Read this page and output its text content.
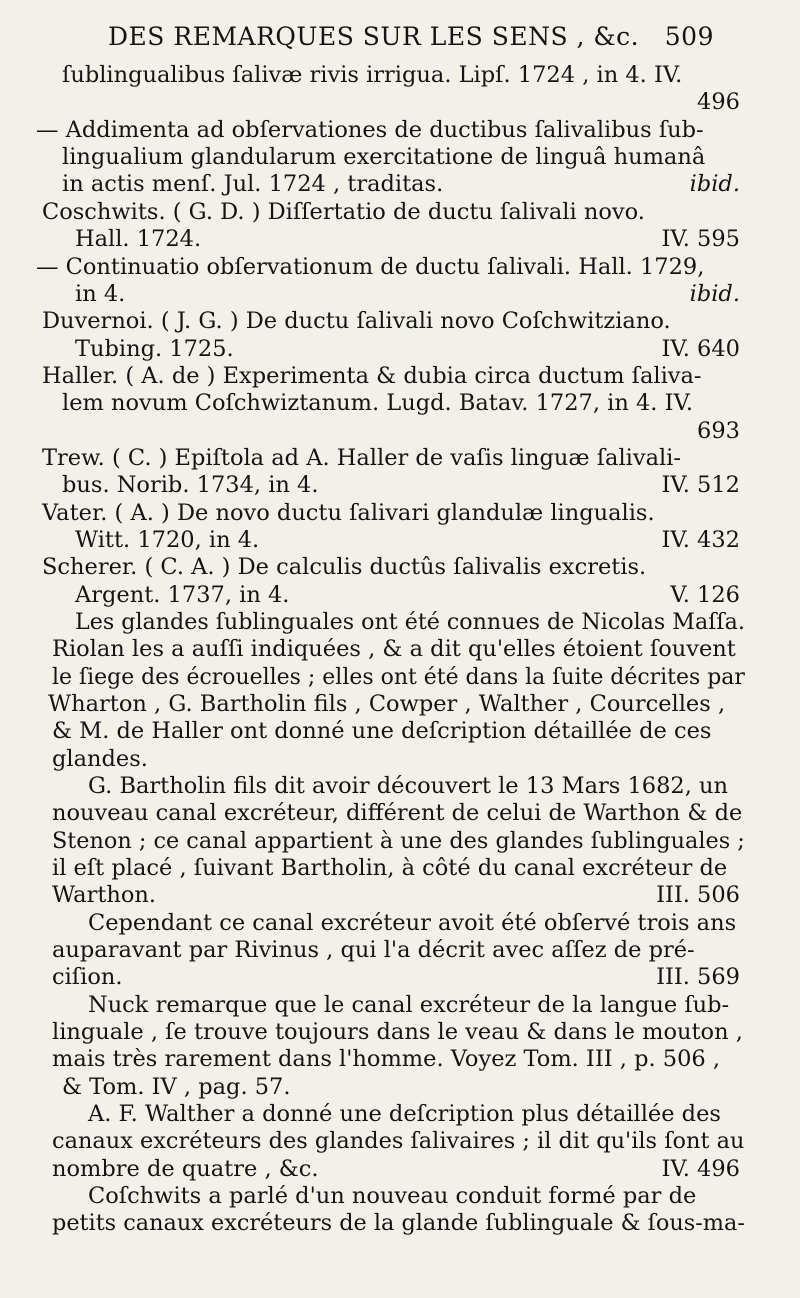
DES REMARQUES SUR LES SENS , &c. 509
ſublingualibus ſalivæ rivis irrigua. Lipſ. 1724 , in 4. IV.
496
— Addimenta ad obſervationes de ductibus ſalivalibus ſub-
lingualium glandularum exercitatione de linguâ humanâ
in actis menſ. Jul. 1724 , traditas.	ibid.
Coschwits. ( G. D. ) Diſſertatio de ductu ſalivali novo.
Hall. 1724.	IV. 595
— Continuatio obſervationum de ductu ſalivali. Hall. 1729,
in 4.	ibid.
Duvernoi. ( J. G. ) De ductu ſalivali novo Coſchwitziano.
Tubing. 1725.	IV. 640
Haller. ( A. de ) Experimenta & dubia circa ductum ſaliva-
lem novum Coſchwiztanum. Lugd. Batav. 1727, in 4. IV.
693
Trew. ( C. ) Epiſtola ad A. Haller de vaſis linguæ ſalivali-
bus. Norib. 1734, in 4.	IV. 512
Vater. ( A. ) De novo ductu ſalivari glandulæ lingualis.
Witt. 1720, in 4.	IV. 432
Scherer. ( C. A. ) De calculis ductûs ſalivalis excretis.
Argent. 1737, in 4.	V. 126
Les glandes ſublinguales ont été connues de Nicolas Maſſa.
Riolan les a auſſi indiquées , & a dit qu'elles étoient ſouvent
le ſiege des écrouelles ; elles ont été dans la ſuite décrites par
Wharton , G. Bartholin fils , Cowper , Walther , Courcelles ,
& M. de Haller ont donné une deſcription détaillée de ces
glandes.
G. Bartholin fils dit avoir découvert le 13 Mars 1682, un
nouveau canal excréteur, différent de celui de Warthon & de
Stenon ; ce canal appartient à une des glandes ſublinguales ;
il eſt placé , ſuivant Bartholin, à côté du canal excréteur de
Warthon.	III. 506
Cependant ce canal excréteur avoit été obſervé trois ans
auparavant par Rivinus , qui l'a décrit avec aſſez de pré-
ciſion.	III. 569
Nuck remarque que le canal excréteur de la langue ſub-
linguale , ſe trouve toujours dans le veau & dans le mouton ,
mais très rarement dans l'homme. Voyez Tom. III , p. 506 ,
& Tom. IV , pag. 57.
A. F. Walther a donné une deſcription plus détaillée des
canaux excréteurs des glandes ſalivaires ; il dit qu'ils ſont au
nombre de quatre , &c.	IV. 496
Coſchwits a parlé d'un nouveau conduit formé par de
petits canaux excréteurs de la glande ſublinguale & ſous-ma-
